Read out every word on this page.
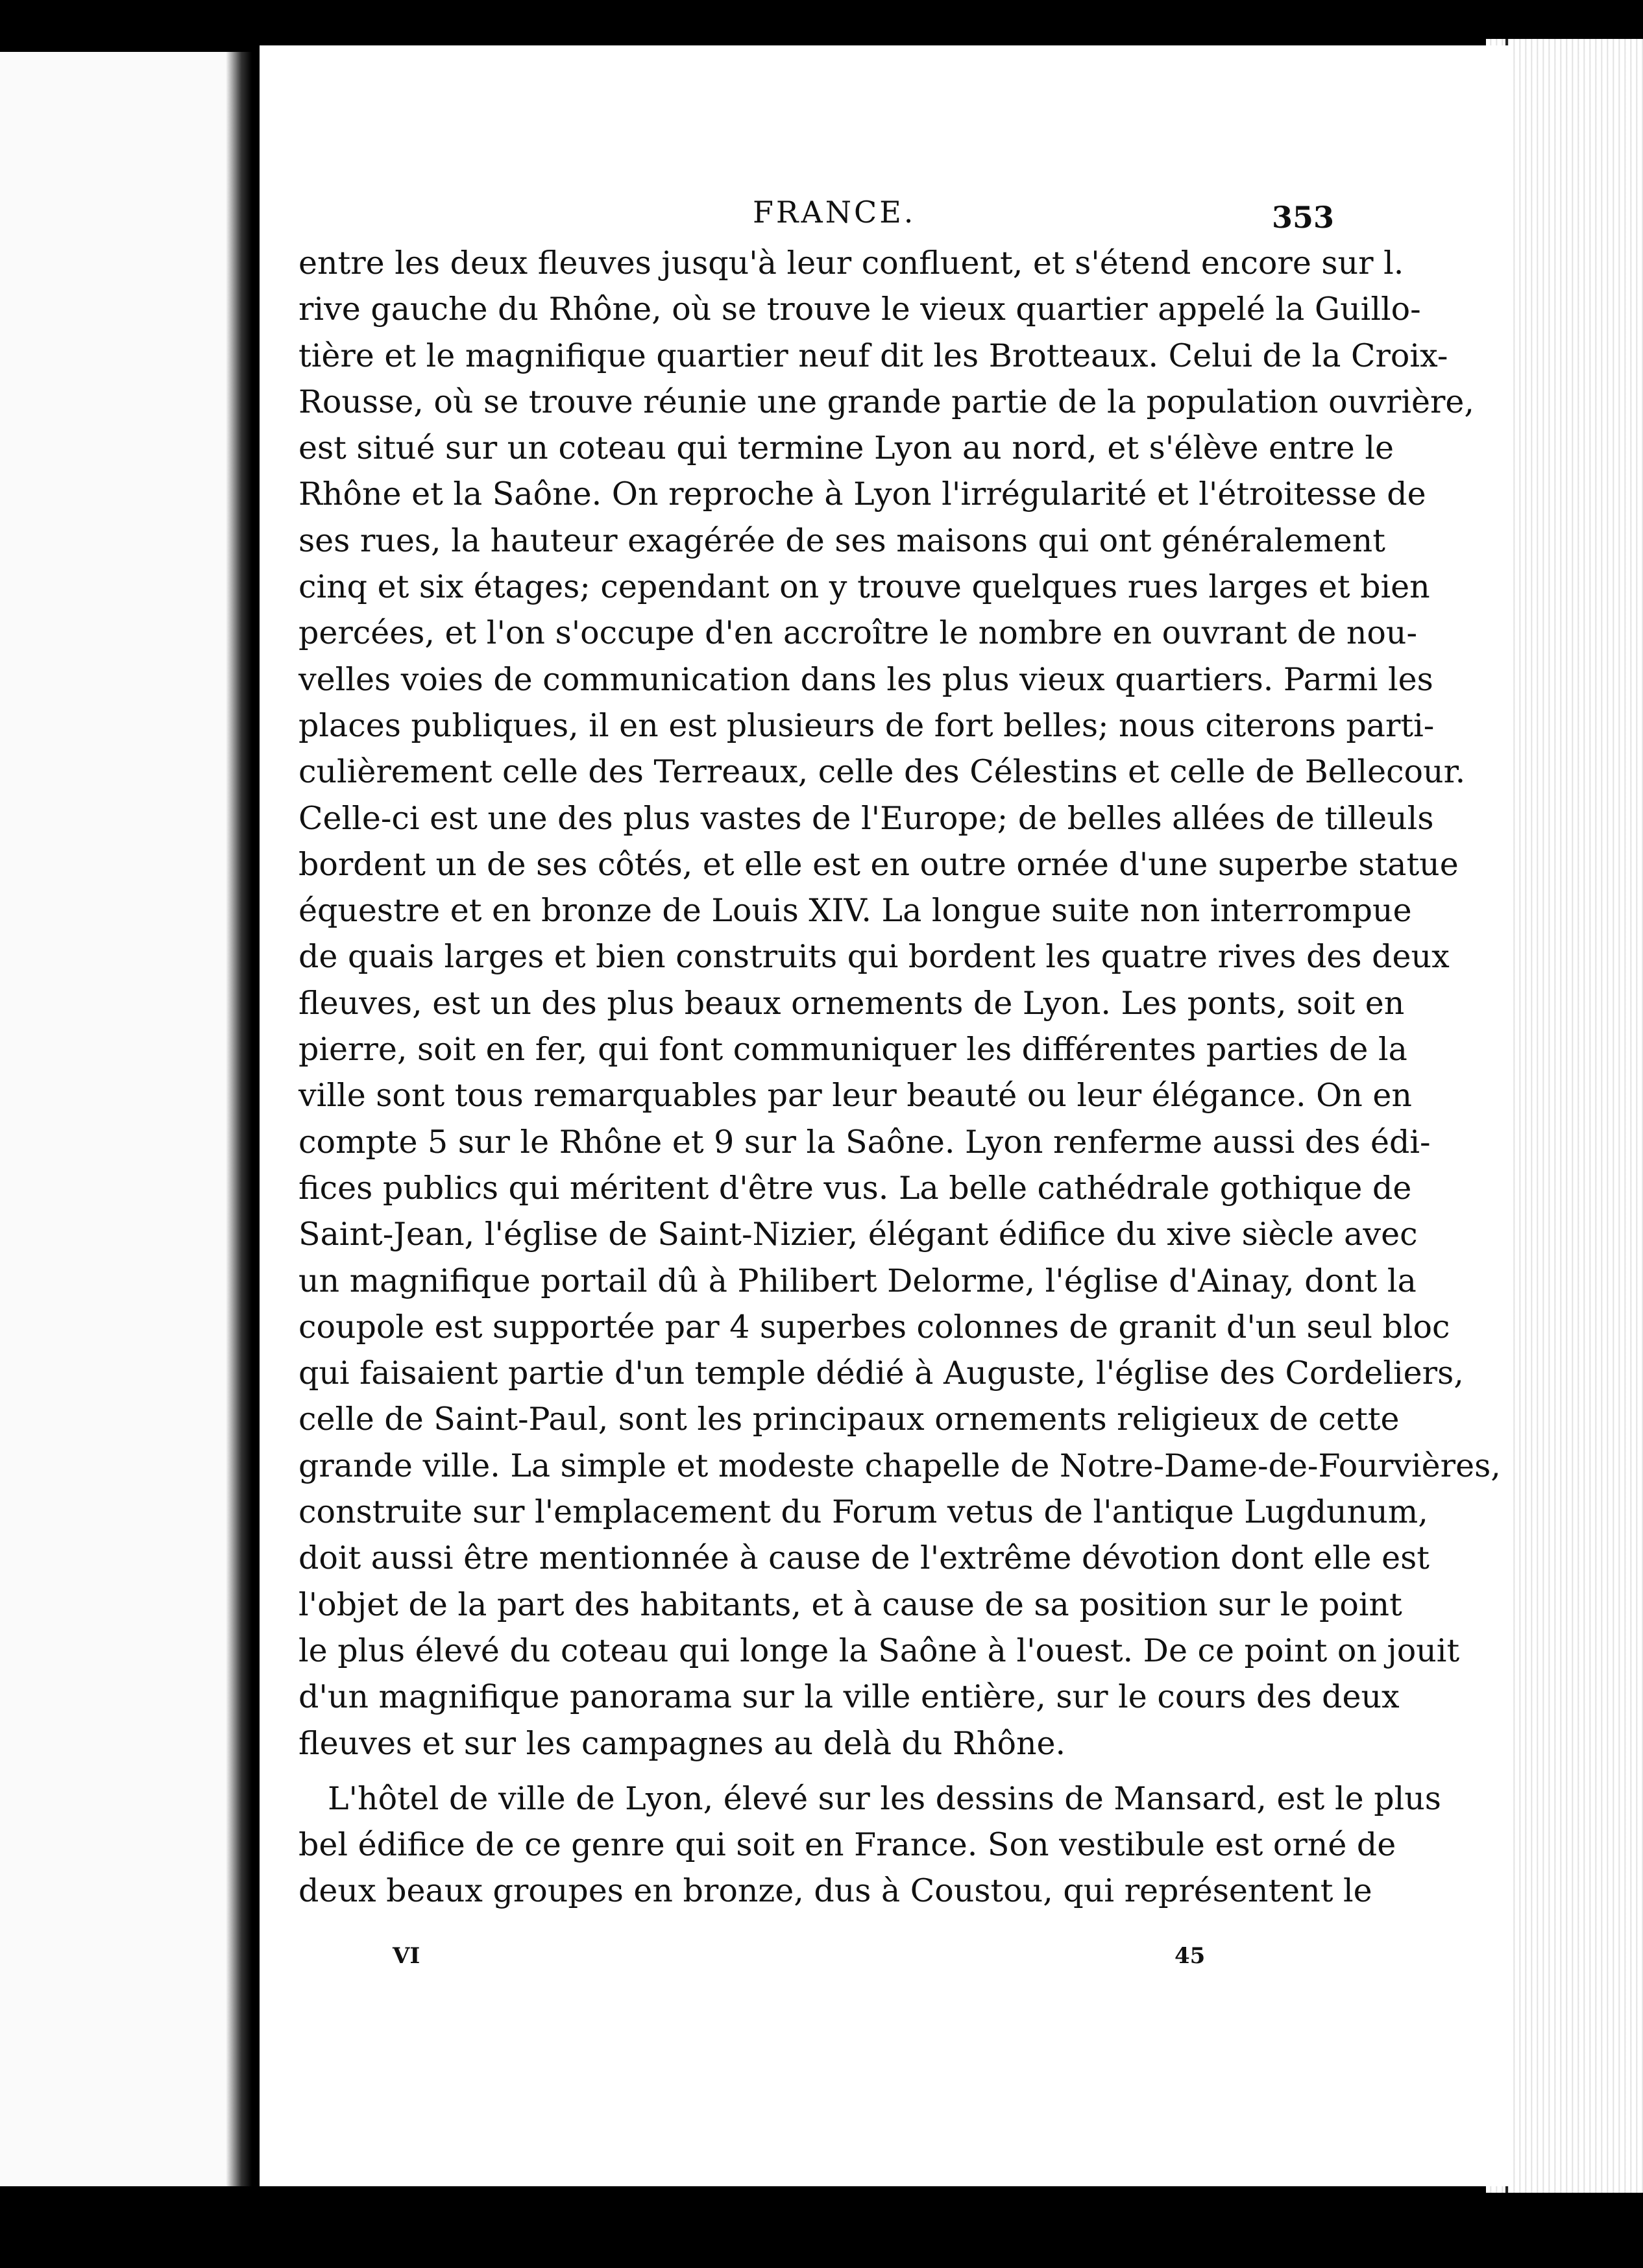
FRANCE.	353
entre les deux fleuves jusqu'à leur confluent, et s'étend encore sur l.
rive gauche du Rhône, où se trouve le vieux quartier appelé la Guillo-
tière et le magnifique quartier neuf dit les Brotteaux. Celui de la Croix-
Rousse, où se trouve réunie une grande partie de la population ouvrière,
est situé sur un coteau qui termine Lyon au nord, et s'élève entre le
Rhône et la Saône. On reproche à Lyon l'irrégularité et l'étroitesse de
ses rues, la hauteur exagérée de ses maisons qui ont généralement
cinq et six étages; cependant on y trouve quelques rues larges et bien
percées, et l'on s'occupe d'en accroître le nombre en ouvrant de nou-
velles voies de communication dans les plus vieux quartiers. Parmi les
places publiques, il en est plusieurs de fort belles; nous citerons parti-
culièrement celle des Terreaux, celle des Célestins et celle de Bellecour.
Celle-ci est une des plus vastes de l'Europe; de belles allées de tilleuls
bordent un de ses côtés, et elle est en outre ornée d'une superbe statue
équestre et en bronze de Louis XIV. La longue suite non interrompue
de quais larges et bien construits qui bordent les quatre rives des deux
fleuves, est un des plus beaux ornements de Lyon. Les ponts, soit en
pierre, soit en fer, qui font communiquer les différentes parties de la
ville sont tous remarquables par leur beauté ou leur élégance. On en
compte 5 sur le Rhône et 9 sur la Saône. Lyon renferme aussi des édi-
fices publics qui méritent d'être vus. La belle cathédrale gothique de
Saint-Jean, l'église de Saint-Nizier, élégant édifice du xive siècle avec
un magnifique portail dû à Philibert Delorme, l'église d'Ainay, dont la
coupole est supportée par 4 superbes colonnes de granit d'un seul bloc
qui faisaient partie d'un temple dédié à Auguste, l'église des Cordeliers,
celle de Saint-Paul, sont les principaux ornements religieux de cette
grande ville. La simple et modeste chapelle de Notre-Dame-de-Fourvières,
construite sur l'emplacement du Forum vetus de l'antique Lugdunum,
doit aussi être mentionnée à cause de l'extrême dévotion dont elle est
l'objet de la part des habitants, et à cause de sa position sur le point
le plus élevé du coteau qui longe la Saône à l'ouest. De ce point on jouit
d'un magnifique panorama sur la ville entière, sur le cours des deux
fleuves et sur les campagnes au delà du Rhône.
L'hôtel de ville de Lyon, élevé sur les dessins de Mansard, est le plus
bel édifice de ce genre qui soit en France. Son vestibule est orné de
deux beaux groupes en bronze, dus à Coustou, qui représentent le
VI	45
